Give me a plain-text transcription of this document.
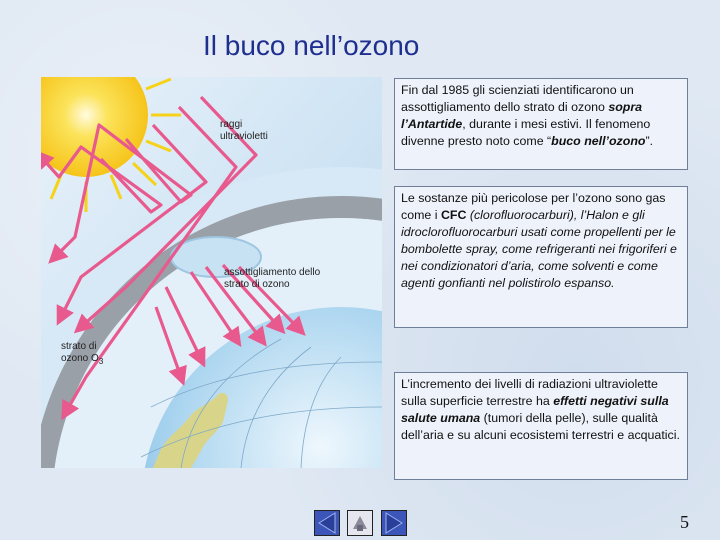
Il buco nell’ozono
raggi ultravioletti
assottigliamento dello strato di ozono
strato di ozono $O_3$
Fin dal 1985 gli scienziati identificarono un assottigliamento dello strato di ozono sopra l’Antartide, durante i mesi estivi. Il fenomeno divenne presto noto come “buco nell’ozono”.
Le sostanze più pericolose per l’ozono sono gas come i CFC (clorofluorocarburi), l’Halon e gli idroclorofluorocarburi usati come propellenti per le bombolette spray, come refrigeranti nei frigoriferi e nei condizionatori d’aria, come solventi e come agenti gonfianti nel polistirolo espanso.
L’incremento dei livelli di radiazioni ultraviolette sulla superficie terrestre ha effetti negativi sulla salute umana (tumori della pelle), sulle qualità dell’aria e su alcuni ecosistemi terrestri e acquatici.
5
